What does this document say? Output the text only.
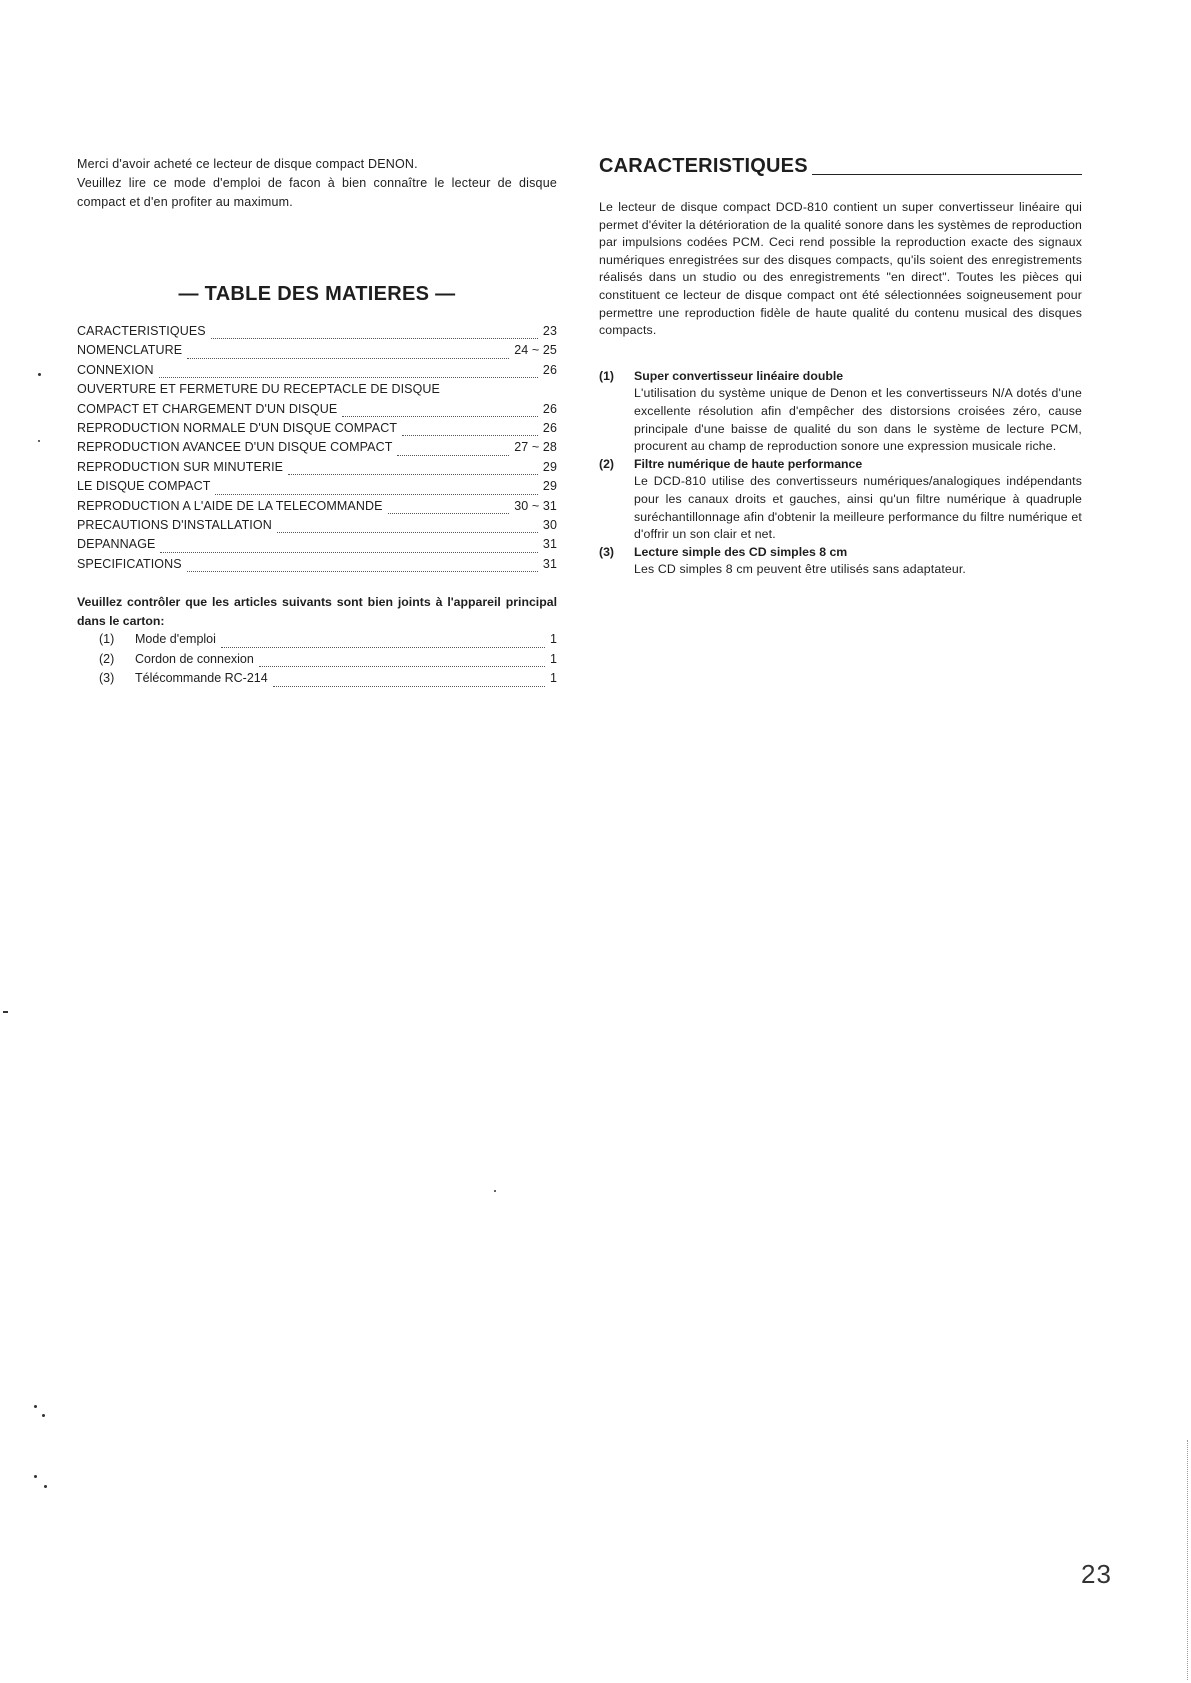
Merci d'avoir acheté ce lecteur de disque compact DENON.

Veuillez lire ce mode d'emploi de facon à bien connaître le lecteur de disque compact et d'en profiter au maximum.

— TABLE DES MATIERES —
CARACTERISTIQUES	23
NOMENCLATURE	24 ~ 25
CONNEXION	26
OUVERTURE ET FERMETURE DU RECEPTACLE DE DISQUE
COMPACT ET CHARGEMENT D'UN DISQUE	26
REPRODUCTION NORMALE D'UN DISQUE COMPACT	26
REPRODUCTION AVANCEE D'UN DISQUE COMPACT	27 ~ 28
REPRODUCTION SUR MINUTERIE	29
LE DISQUE COMPACT	29
REPRODUCTION A L'AIDE DE LA TELECOMMANDE	30 ~ 31
PRECAUTIONS D'INSTALLATION	30
DEPANNAGE	31
SPECIFICATIONS	31
Veuillez contrôler que les articles suivants sont bien joints à l'appareil principal dans le carton:
(1)	Mode d'emploi	1
(2)	Cordon de connexion	1
(3)	Télécommande RC-214	1
CARACTERISTIQUES
Le lecteur de disque compact DCD-810 contient un super convertisseur linéaire qui permet d'éviter la détérioration de la qualité sonore dans les systèmes de reproduction par impulsions codées PCM. Ceci rend possible la reproduction exacte des signaux numériques enregistrées sur des disques compacts, qu'ils soient des enregistrements réalisés dans un studio ou des enregistrements "en direct". Toutes les pièces qui constituent ce lecteur de disque compact ont été sélectionnées soigneusement pour permettre une reproduction fidèle de haute qualité du contenu musical des disques compacts.
(1)	Super convertisseur linéaire double
L'utilisation du système unique de Denon et les convertisseurs N/A dotés d'une excellente résolution afin d'empêcher des distorsions croisées zéro, cause principale d'une baisse de qualité du son dans le système de lecture PCM, procurent au champ de reproduction sonore une expression musicale riche.
(2)	Filtre numérique de haute performance
Le DCD-810 utilise des convertisseurs numériques/analogiques indépendants pour les canaux droits et gauches, ainsi qu'un filtre numérique à quadruple suréchantillonnage afin d'obtenir la meilleure performance du filtre numérique et d'offrir un son clair et net.
(3)	Lecture simple des CD simples 8 cm
Les CD simples 8 cm peuvent être utilisés sans adaptateur.
23
